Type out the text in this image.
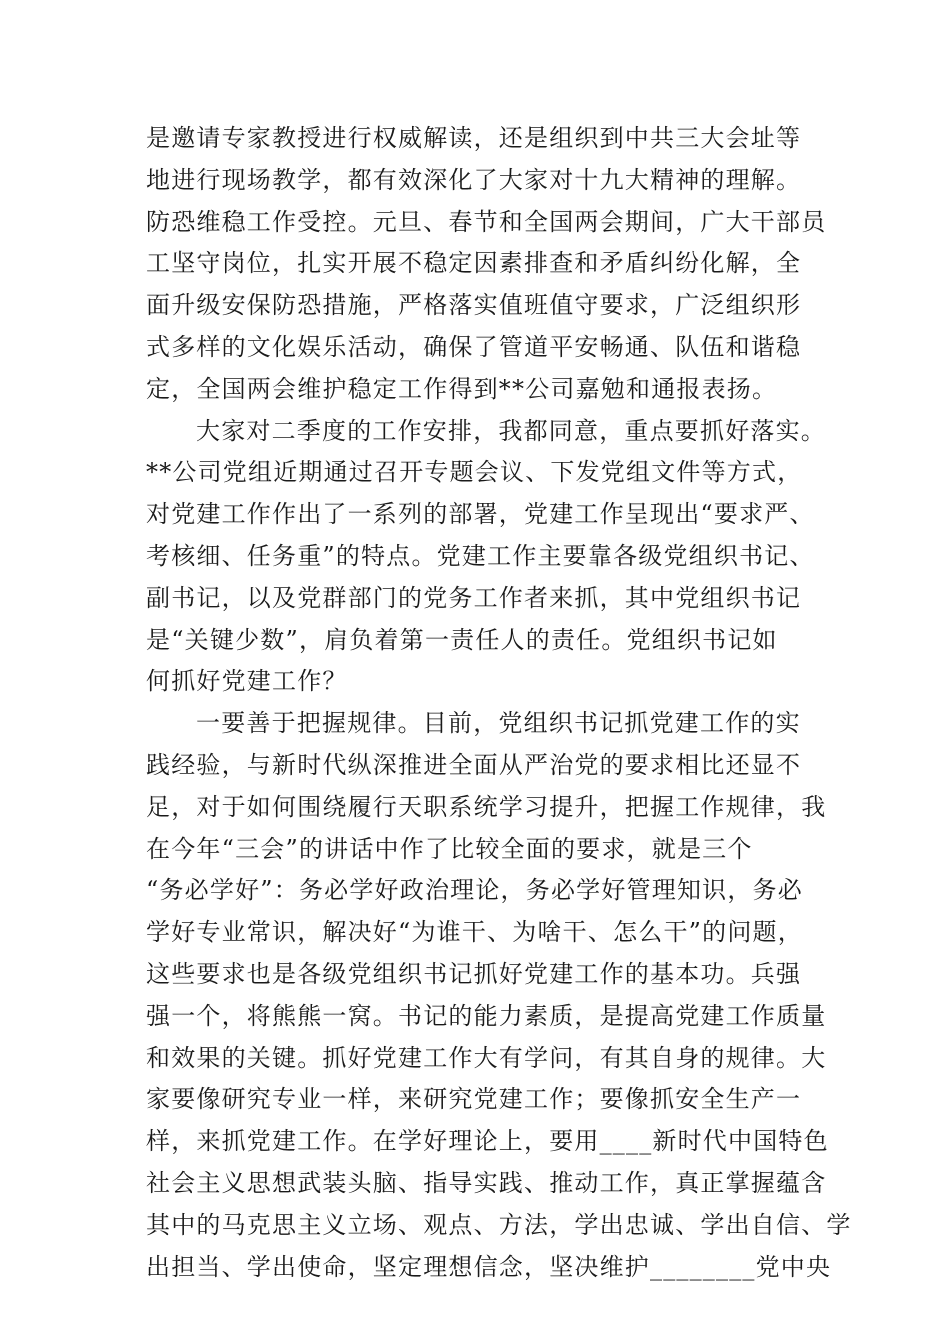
是邀请专家教授进行权威解读，还是组织到中共三大会址等
地进行现场教学，都有效深化了大家对十九大精神的理解。
防恐维稳工作受控。元旦、春节和全国两会期间，广大干部员
工坚守岗位，扎实开展不稳定因素排查和矛盾纠纷化解，全
面升级安保防恐措施，严格落实值班值守要求，广泛组织形
式多样的文化娱乐活动，确保了管道平安畅通、队伍和谐稳
定，全国两会维护稳定工作得到**公司嘉勉和通报表扬。
大家对二季度的工作安排，我都同意，重点要抓好落实。
**公司党组近期通过召开专题会议、下发党组文件等方式，
对党建工作作出了一系列的部署，党建工作呈现出“要求严、
考核细、任务重”的特点。党建工作主要靠各级党组织书记、
副书记，以及党群部门的党务工作者来抓，其中党组织书记
是“关键少数”，肩负着第一责任人的责任。党组织书记如
何抓好党建工作？
一要善于把握规律。目前，党组织书记抓党建工作的实
践经验，与新时代纵深推进全面从严治党的要求相比还显不
足，对于如何围绕履行天职系统学习提升，把握工作规律，我
在今年“三会”的讲话中作了比较全面的要求，就是三个
“务必学好”：务必学好政治理论，务必学好管理知识，务必
学好专业常识，解决好“为谁干、为啥干、怎么干”的问题，
这些要求也是各级党组织书记抓好党建工作的基本功。兵强
强一个，将熊熊一窝。书记的能力素质，是提高党建工作质量
和效果的关键。抓好党建工作大有学问，有其自身的规律。大
家要像研究专业一样，来研究党建工作；要像抓安全生产一
样，来抓党建工作。在学好理论上，要用____新时代中国特色
社会主义思想武装头脑、指导实践、推动工作，真正掌握蕴含
其中的马克思主义立场、观点、方法，学出忠诚、学出自信、学
出担当、学出使命，坚定理想信念，坚决维护________党中央
